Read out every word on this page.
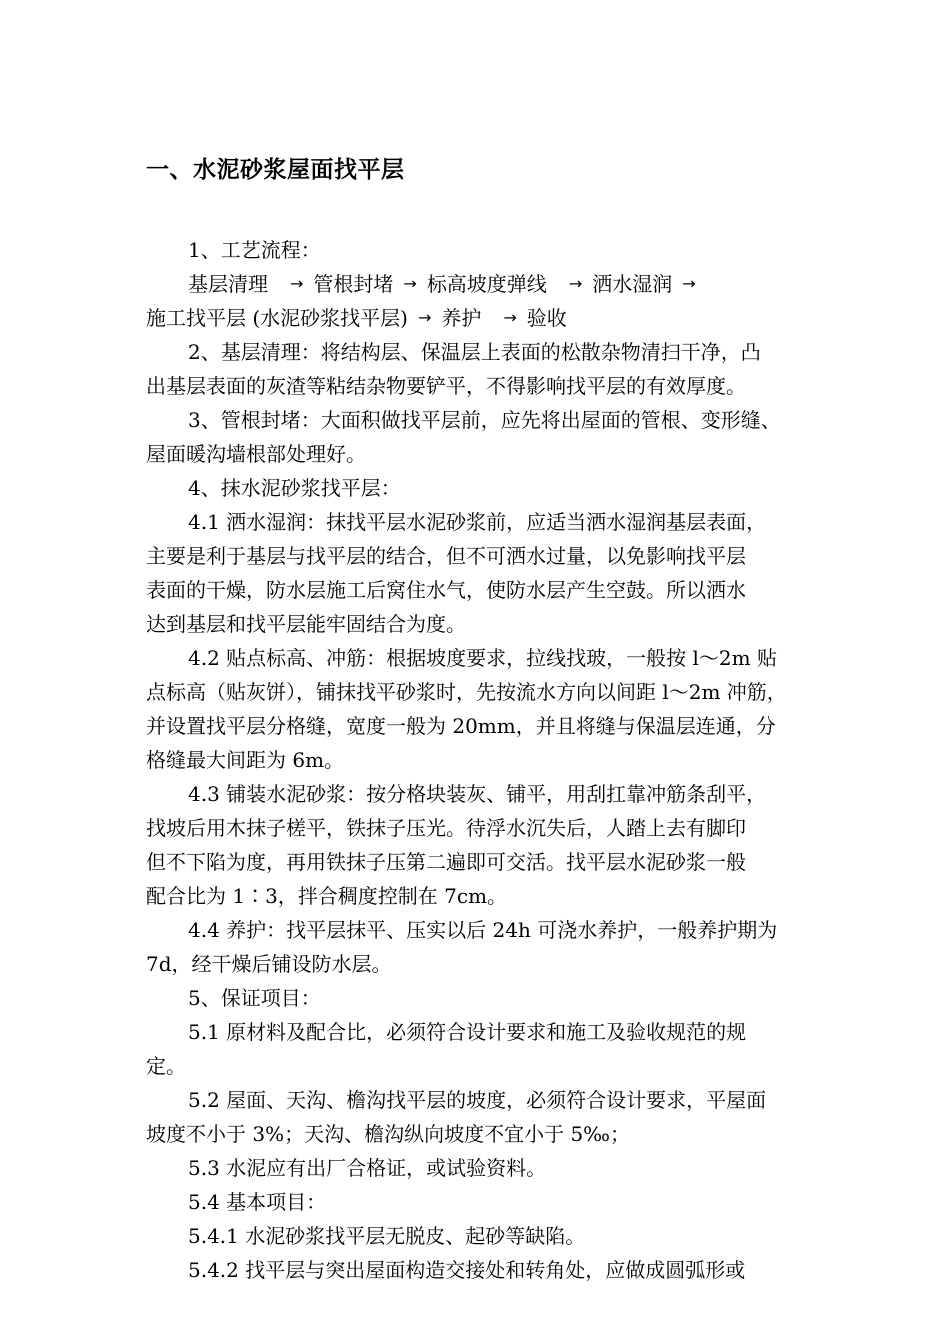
一、水泥砂浆屋面找平层
1、工艺流程：
基层清理 → 管根封堵 → 标高坡度弹线 → 洒水湿润 →
施工找平层 (水泥砂浆找平层) → 养护 → 验收
2、基层清理：将结构层、保温层上表面的松散杂物清扫干净，凸
出基层表面的灰渣等粘结杂物要铲平，不得影响找平层的有效厚度。
3、管根封堵：大面积做找平层前，应先将出屋面的管根、变形缝、
屋面暖沟墙根部处理好。
4、抹水泥砂浆找平层：
4.1 洒水湿润：抹找平层水泥砂浆前，应适当洒水湿润基层表面，
主要是利于基层与找平层的结合，但不可洒水过量，以免影响找平层
表面的干燥，防水层施工后窝住水气，使防水层产生空鼓。所以洒水
达到基层和找平层能牢固结合为度。
4.2 贴点标高、冲筋：根据坡度要求，拉线找玻，一般按 l～2m 贴
点标高（贴灰饼），铺抹找平砂浆时，先按流水方向以间距 l～2m 冲筋，
并设置找平层分格缝，宽度一般为 20mm，并且将缝与保温层连通，分
格缝最大间距为 6m。
4.3 铺装水泥砂浆：按分格块装灰、铺平，用刮扛靠冲筋条刮平，
找坡后用木抹子槎平，铁抹子压光。待浮水沉失后，人踏上去有脚印
但不下陷为度，再用铁抹子压第二遍即可交活。找平层水泥砂浆一般
配合比为 1∶3，拌合稠度控制在 7cm。
4.4 养护：找平层抹平、压实以后 24h 可浇水养护，一般养护期为
7d，经干燥后铺设防水层。
5、保证项目：
5.1 原材料及配合比，必须符合设计要求和施工及验收规范的规
定。
5.2 屋面、天沟、檐沟找平层的坡度，必须符合设计要求，平屋面
坡度不小于 3%；天沟、檐沟纵向坡度不宜小于 5‰；
5.3 水泥应有出厂合格证，或试验资料。
5.4 基本项目：
5.4.1 水泥砂浆找平层无脱皮、起砂等缺陷。
5.4.2 找平层与突出屋面构造交接处和转角处，应做成圆弧形或
